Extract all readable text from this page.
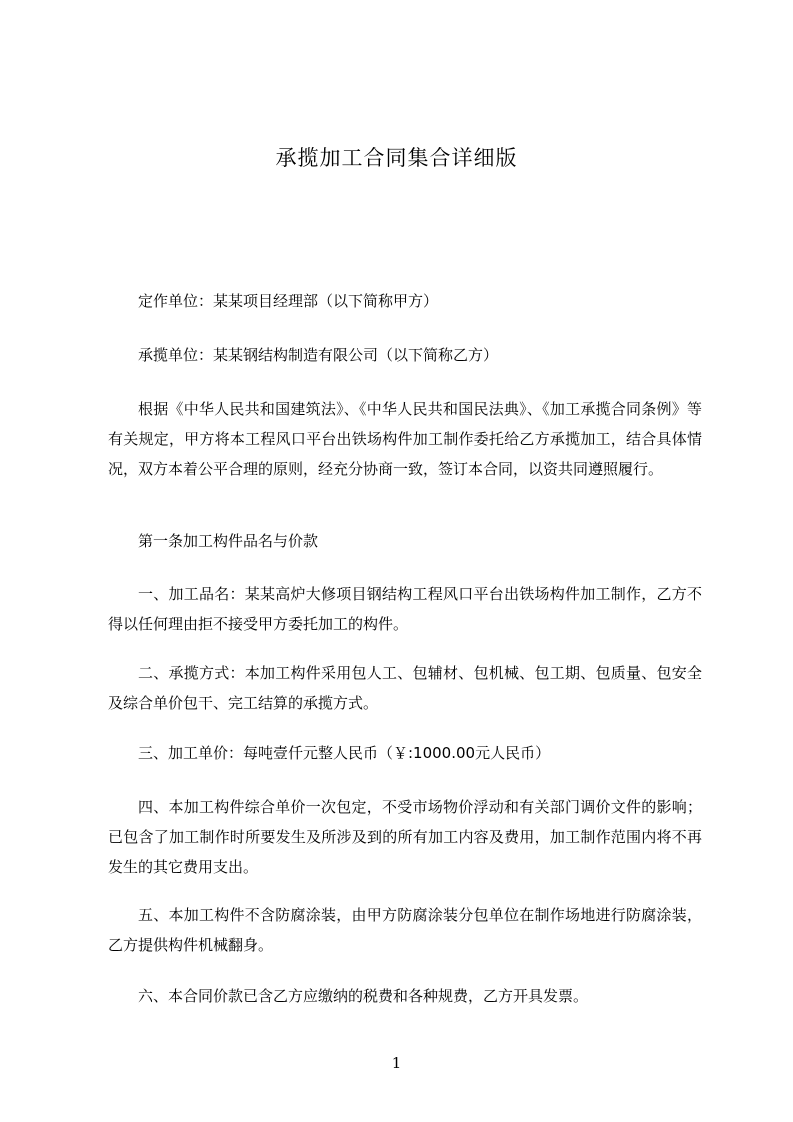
承揽加工合同集合详细版
定作单位：某某项目经理部（以下简称甲方）
承揽单位：某某钢结构制造有限公司（以下简称乙方）
根据《中华人民共和国建筑法》、《中华人民共和国民法典》、《加工承揽合同条例》等有关规定，甲方将本工程风口平台出铁场构件加工制作委托给乙方承揽加工，结合具体情况，双方本着公平合理的原则，经充分协商一致，签订本合同，以资共同遵照履行。
第一条加工构件品名与价款
一、加工品名：某某高炉大修项目钢结构工程风口平台出铁场构件加工制作，乙方不得以任何理由拒不接受甲方委托加工的构件。
二、承揽方式：本加工构件采用包人工、包辅材、包机械、包工期、包质量、包安全及综合单价包干、完工结算的承揽方式。
三、加工单价：每吨壹仟元整人民币（￥:1000.00元人民币）
四、本加工构件综合单价一次包定，不受市场物价浮动和有关部门调价文件的影响；已包含了加工制作时所要发生及所涉及到的所有加工内容及费用，加工制作范围内将不再发生的其它费用支出。
五、本加工构件不含防腐涂装，由甲方防腐涂装分包单位在制作场地进行防腐涂装，乙方提供构件机械翻身。
六、本合同价款已含乙方应缴纳的税费和各种规费，乙方开具发票。
1
